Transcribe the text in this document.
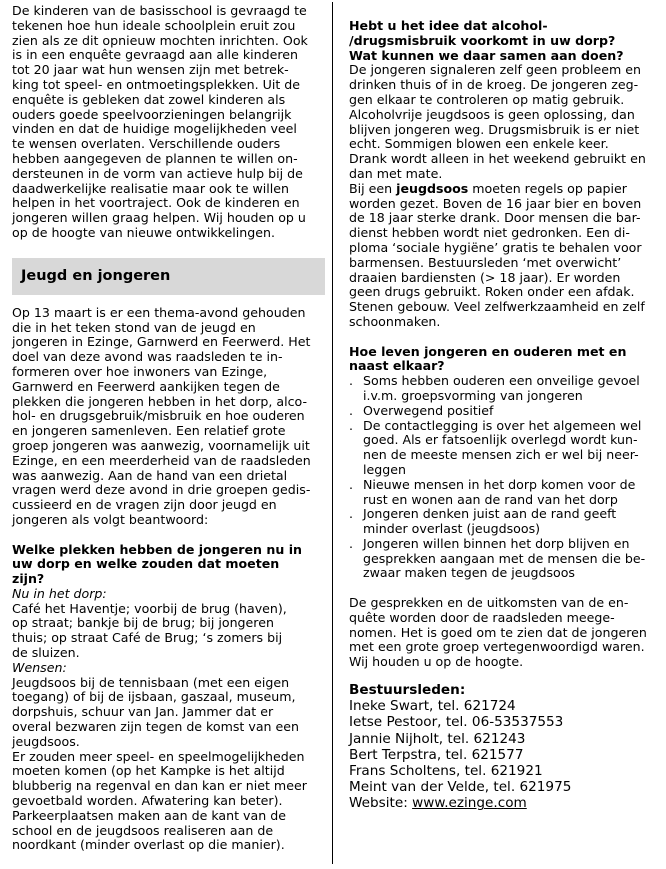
De kinderen van de basisschool is gevraagd te
tekenen hoe hun ideale schoolplein eruit zou
zien als ze dit opnieuw mochten inrichten. Ook
is in een enquête gevraagd aan alle kinderen
tot 20 jaar wat hun wensen zijn met betrek-
king tot speel- en ontmoetingsplekken. Uit de
enquête is gebleken dat zowel kinderen als
ouders goede speelvoorzieningen belangrijk
vinden en dat de huidige mogelijkheden veel
te wensen overlaten. Verschillende ouders
hebben aangegeven de plannen te willen on-
dersteunen in de vorm van actieve hulp bij de
daadwerkelijke realisatie maar ook te willen
helpen in het voortraject. Ook de kinderen en
jongeren willen graag helpen. Wij houden op u
op de hoogte van nieuwe ontwikkelingen.

Jeugd en jongeren

Op 13 maart is er een thema-avond gehouden
die in het teken stond van de jeugd en
jongeren in Ezinge, Garnwerd en Feerwerd. Het
doel van deze avond was raadsleden te in-
formeren over hoe inwoners van Ezinge,
Garnwerd en Feerwerd aankijken tegen de
plekken die jongeren hebben in het dorp, alco-
hol- en drugsgebruik/misbruik en hoe ouderen
en jongeren samenleven. Een relatief grote
groep jongeren was aanwezig, voornamelijk uit
Ezinge, en een meerderheid van de raadsleden
was aanwezig. Aan de hand van een drietal
vragen werd deze avond in drie groepen gedis-
cussieerd en de vragen zijn door jeugd en
jongeren als volgt beantwoord:

Welke plekken hebben de jongeren nu in
uw dorp en welke zouden dat moeten
zijn?

Nu in het dorp:

Café het Haventje; voorbij de brug (haven),
op straat; bankje bij de brug; bij jongeren
thuis; op straat Café de Brug; ‘s zomers bij
de sluizen.

Wensen:

Jeugdsoos bij de tennisbaan (met een eigen
toegang) of bij de ijsbaan, gaszaal, museum,
dorpshuis, schuur van Jan. Jammer dat er
overal bezwaren zijn tegen de komst van een
jeugdsoos.
Er zouden meer speel- en speelmogelijkheden
moeten komen (op het Kampke is het altijd
blubberig na regenval en dan kan er niet meer
gevoetbald worden. Afwatering kan beter).
Parkeerplaatsen maken aan de kant van de
school en de jeugdsoos realiseren aan de
noordkant (minder overlast op die manier).

Hebt u het idee dat alcohol-
/drugsmisbruik voorkomt in uw dorp?
Wat kunnen we daar samen aan doen?

De jongeren signaleren zelf geen probleem en
drinken thuis of in de kroeg. De jongeren zeg-
gen elkaar te controleren op matig gebruik.
Alcoholvrije jeugdsoos is geen oplossing, dan
blijven jongeren weg. Drugsmisbruik is er niet
echt. Sommigen blowen een enkele keer.
Drank wordt alleen in het weekend gebruikt en
dan met mate.

Bij een jeugdsoos moeten regels op papier
worden gezet. Boven de 16 jaar bier en boven
de 18 jaar sterke drank. Door mensen die bar-
dienst hebben wordt niet gedronken. Een di-
ploma ‘sociale hygiëne’ gratis te behalen voor
barmensen. Bestuursleden ‘met overwicht’
draaien bardiensten (> 18 jaar). Er worden
geen drugs gebruikt. Roken onder een afdak.
Stenen gebouw. Veel zelfwerkzaamheid en zelf
schoonmaken.

Hoe leven jongeren en ouderen met en
naast elkaar?

. Soms hebben ouderen een onveilige gevoel
i.v.m. groepsvorming van jongeren
. Overwegend positief
. De contactlegging is over het algemeen wel
goed. Als er fatsoenlijk overlegd wordt kun-
nen de meeste mensen zich er wel bij neer-
leggen
. Nieuwe mensen in het dorp komen voor de
rust en wonen aan de rand van het dorp
. Jongeren denken juist aan de rand geeft
minder overlast (jeugdsoos)
. Jongeren willen binnen het dorp blijven en
gesprekken aangaan met de mensen die be-
zwaar maken tegen de jeugdsoos

De gesprekken en de uitkomsten van de en-
quête worden door de raadsleden meege-
nomen. Het is goed om te zien dat de jongeren
met een grote groep vertegenwoordigd waren.
Wij houden u op de hoogte.

Bestuursleden:

Ineke Swart, tel. 621724

Ietse Pestoor, tel. 06-53537553

Jannie Nijholt, tel. 621243

Bert Terpstra, tel. 621577

Frans Scholtens, tel. 621921

Meint van der Velde, tel. 621975

Website: www.ezinge.com
